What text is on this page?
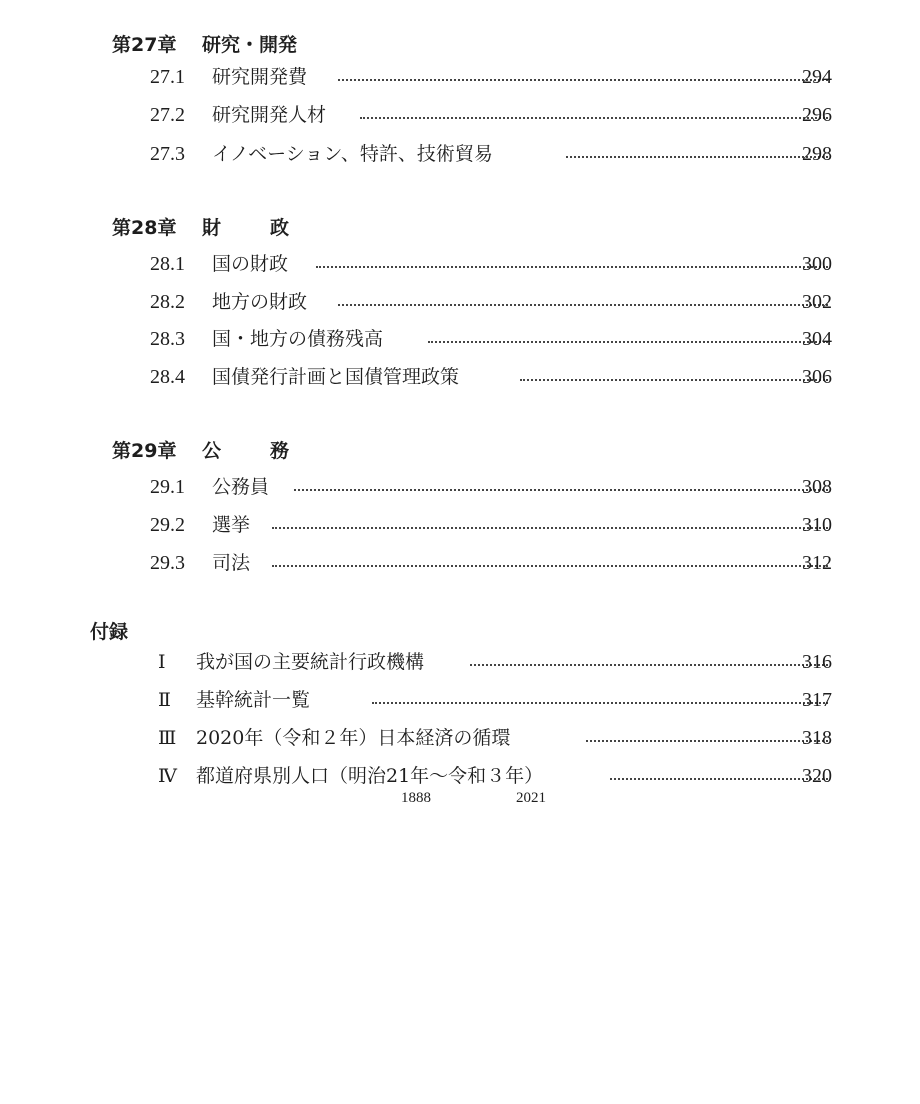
第27章 研究・開発
27.1 研究開発費	294
27.2 研究開発人材	296
27.3 イノベーション、特許、技術貿易	298
第28章 財	政
28.1 国の財政	300
28.2 地方の財政	302
28.3 国・地方の債務残高	304
28.4 国債発行計画と国債管理政策	306
第29章 公	務
29.1 公務員	308
29.2 選挙	310
29.3 司法	312
付録
Ⅰ 我が国の主要統計行政機構	316
Ⅱ 基幹統計一覧	317
Ⅲ 2020年（令和２年）日本経済の循環	318
Ⅳ 都道府県別人口（明治21年～令和３年）	320
1888	2021
